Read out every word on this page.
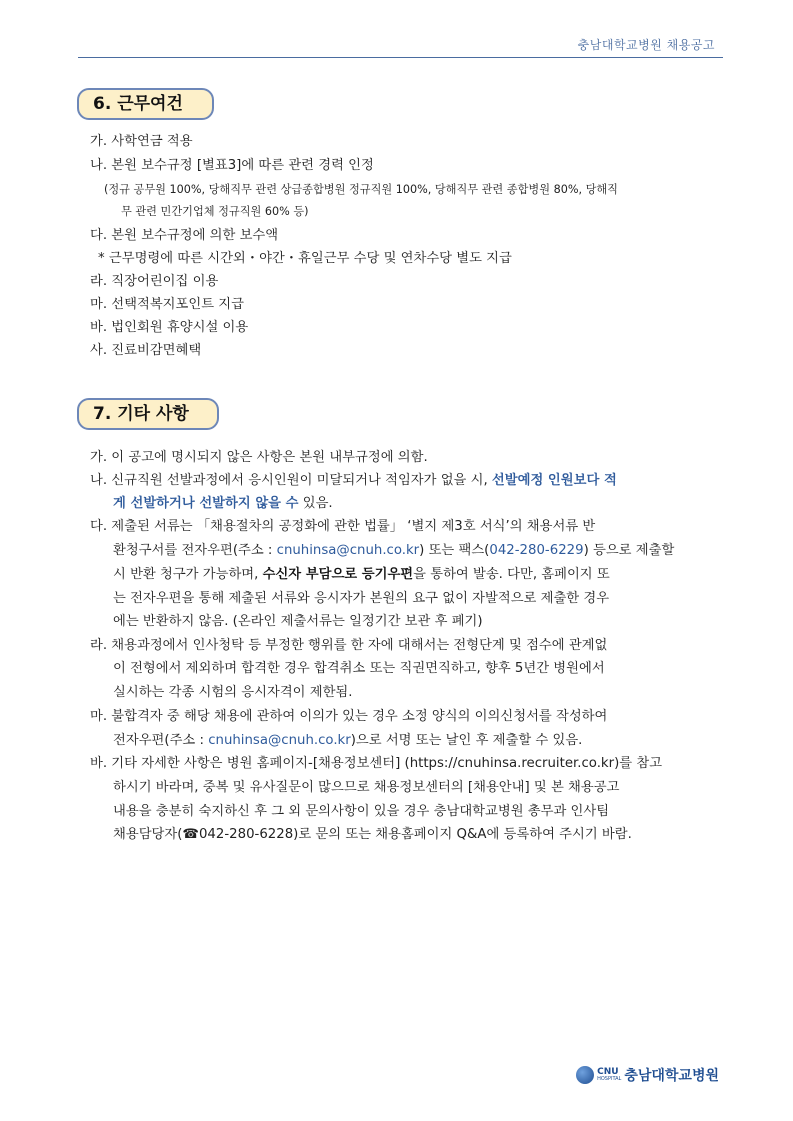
충남대학교병원 채용공고
6. 근무여건
가. 사학연금 적용
나. 본원 보수규정 [별표3]에 따른 관련 경력 인정
(정규 공무원 100%, 당해직무 관련 상급종합병원 정규직원 100%, 당해직무 관련 종합병원 80%, 당해직
무 관련 민간기업체 정규직원 60% 등)
다. 본원 보수규정에 의한 보수액
* 근무명령에 따른 시간외・야간・휴일근무 수당 및 연차수당 별도 지급
라. 직장어린이집 이용
마. 선택적복지포인트 지급
바. 법인회원 휴양시설 이용
사. 진료비감면혜택
7. 기타 사항
가. 이 공고에 명시되지 않은 사항은 본원 내부규정에 의함.
나. 신규직원 선발과정에서 응시인원이 미달되거나 적임자가 없을 시, 선발예정 인원보다 적
게 선발하거나 선발하지 않을 수 있음.
다. 제출된 서류는 「채용절차의 공정화에 관한 법률」 ‘별지 제3호 서식’의 채용서류 반
환청구서를 전자우편(주소 : cnuhinsa@cnuh.co.kr) 또는 팩스(042-280-6229) 등으로 제출할
시 반환 청구가 가능하며, 수신자 부담으로 등기우편을 통하여 발송. 다만, 홈페이지 또
는 전자우편을 통해 제출된 서류와 응시자가 본원의 요구 없이 자발적으로 제출한 경우
에는 반환하지 않음. (온라인 제출서류는 일정기간 보관 후 폐기)
라. 채용과정에서 인사청탁 등 부정한 행위를 한 자에 대해서는 전형단계 및 점수에 관계없
이 전형에서 제외하며 합격한 경우 합격취소 또는 직권면직하고, 향후 5년간 병원에서
실시하는 각종 시험의 응시자격이 제한됨.
마. 불합격자 중 해당 채용에 관하여 이의가 있는 경우 소정 양식의 이의신청서를 작성하여
전자우편(주소 : cnuhinsa@cnuh.co.kr)으로 서명 또는 날인 후 제출할 수 있음.
바. 기타 자세한 사항은 병원 홈페이지-[채용정보센터] (https://cnuhinsa.recruiter.co.kr)를 참고
하시기 바라며, 중복 및 유사질문이 많으므로 채용정보센터의 [채용안내] 및 본 채용공고
내용을 충분히 숙지하신 후 그 외 문의사항이 있을 경우 충남대학교병원 총무과 인사팀
채용담당자(☎042-280-6228)로 문의 또는 채용홈페이지 Q&A에 등록하여 주시기 바람.
CNU
HOSPITAL 충남대학교병원
